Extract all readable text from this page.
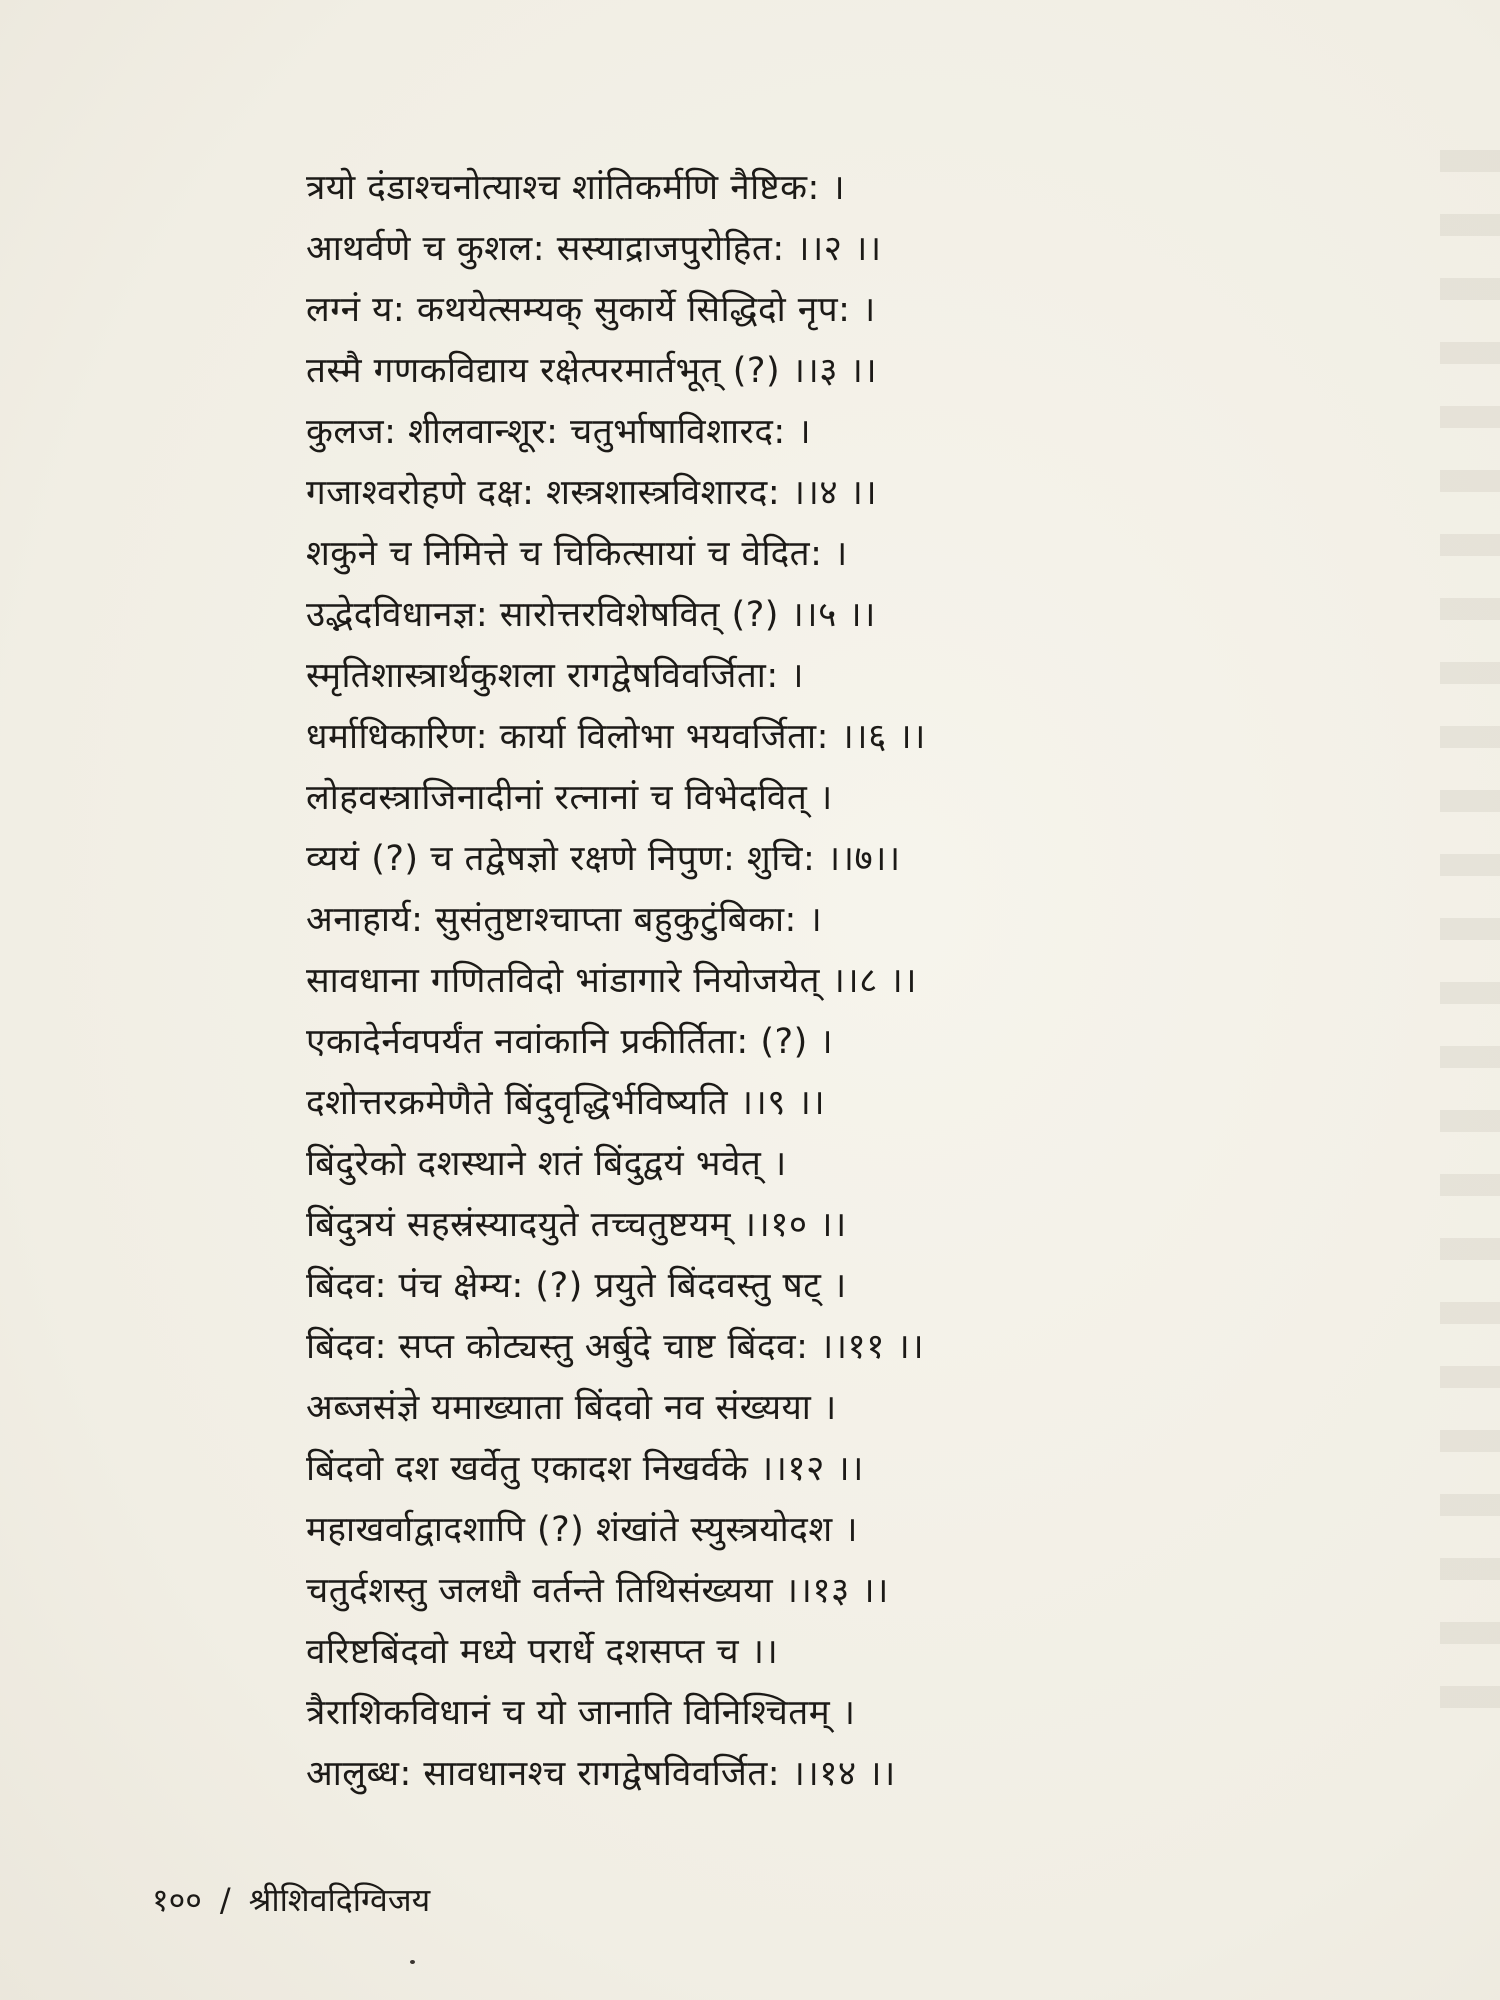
त्रयो दंडाश्चनोत्याश्च शांतिकर्मणि नैष्टिक: ।
आथर्वणे च कुशल: सस्याद्राजपुरोहित: ।।२ ।।
लग्नं य: कथयेत्सम्यक् सुकार्ये सिद्धिदो नृप: ।
तस्मै गणकविद्याय रक्षेत्परमार्तभूत् (?) ।।३ ।।
कुलज: शीलवान्शूर: चतुर्भाषाविशारद: ।
गजाश्वरोहणे दक्ष: शस्त्रशास्त्रविशारद: ।।४ ।।
शकुने च निमित्ते च चिकित्सायां च वेदित: ।
उद्भेदविधानज्ञ: सारोत्तरविशेषवित् (?) ।।५ ।।
स्मृतिशास्त्रार्थकुशला रागद्वेषविवर्जिता: ।
धर्माधिकारिण: कार्या विलोभा भयवर्जिता: ।।६ ।।
लोहवस्त्राजिनादीनां रत्नानां च विभेदवित् ।
व्ययं (?) च तद्वेषज्ञो रक्षणे निपुण: शुचि: ।।७।।
अनाहार्य: सुसंतुष्टाश्चाप्ता बहुकुटुंबिका: ।
सावधाना गणितविदो भांडागारे नियोजयेत् ।।८ ।।
एकादेर्नवपर्यंत नवांकानि प्रकीर्तिता: (?) ।
दशोत्तरक्रमेणैते बिंदुवृद्धिर्भविष्यति ।।९ ।।
बिंदुरेको दशस्थाने शतं बिंदुद्वयं भवेत् ।
बिंदुत्रयं सहस्रंस्यादयुते तच्चतुष्टयम् ।।१० ।।
बिंदव: पंच क्षेम्य: (?) प्रयुते बिंदवस्तु षट् ।
बिंदव: सप्त कोट्यस्तु अर्बुदे चाष्ट बिंदव: ।।११ ।।
अब्जसंज्ञे यमाख्याता बिंदवो नव संख्यया ।
बिंदवो दश खर्वेतु एकादश निखर्वके ।।१२ ।।
महाखर्वाद्वादशापि (?) शंखांते स्युस्त्रयोदश ।
चतुर्दशस्तु जलधौ वर्तन्ते तिथिसंख्यया ।।१३ ।।
वरिष्टबिंदवो मध्ये परार्धे दशसप्त च ।।
त्रैराशिकविधानं च यो जानाति विनिश्चितम् ।
आलुब्ध: सावधानश्च रागद्वेषविवर्जित: ।।१४ ।।
१०० / श्रीशिवदिग्विजय
